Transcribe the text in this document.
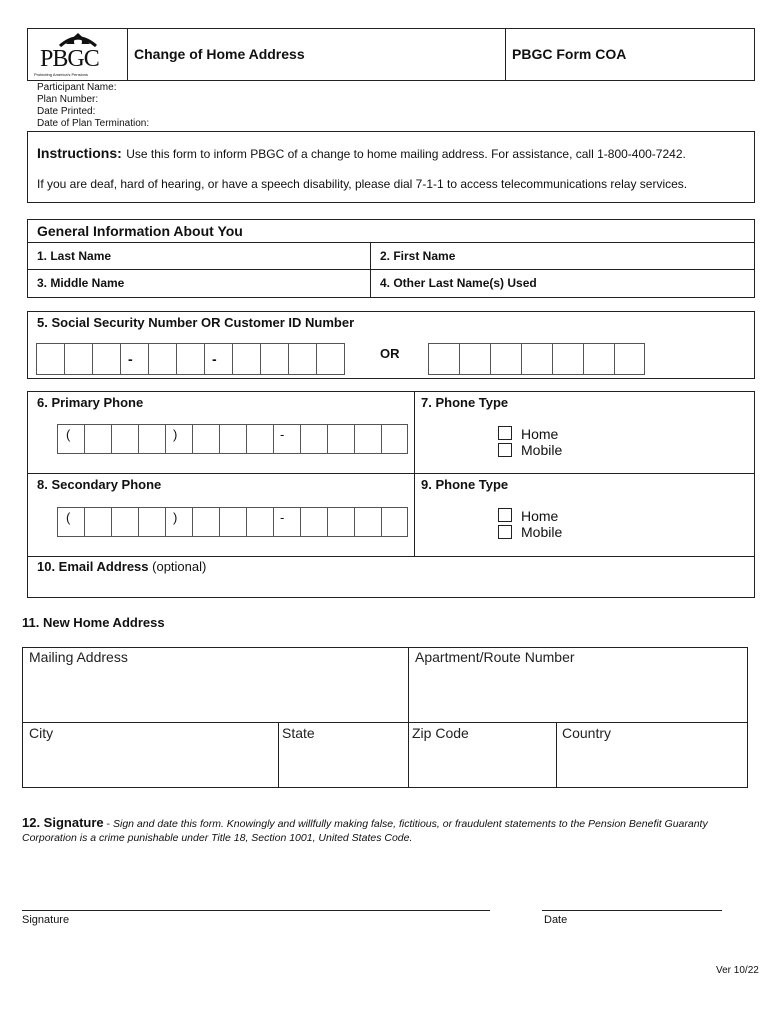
PBGC
Protecting America's Pensions
Change of Home Address	PBGC Form COA
Participant Name:
Plan Number:
Date Printed:
Date of Plan Termination:
Instructions: Use this form to inform PBGC of a change to home mailing address. For assistance, call 1-800-400-7242.
If you are deaf, hard of hearing, or have a speech disability, please dial 7-1-1 to access telecommunications relay services.
General Information About You
1. Last Name	2. First Name
3. Middle Name	4. Other Last Name(s) Used
5. Social Security Number OR Customer ID Number
-	-	OR
6. Primary Phone	7. Phone Type
(	)	-	Home
Mobile
8. Secondary Phone	9. Phone Type
(	)	-	Home
Mobile
10. Email Address (optional)
11. New Home Address
Mailing Address	Apartment/Route Number
City	State	Zip Code	Country
12. Signature - Sign and date this form. Knowingly and willfully making false, fictitious, or fraudulent statements to the Pension Benefit Guaranty Corporation is a crime punishable under Title 18, Section 1001, United States Code.
Signature	Date
Ver 10/22
